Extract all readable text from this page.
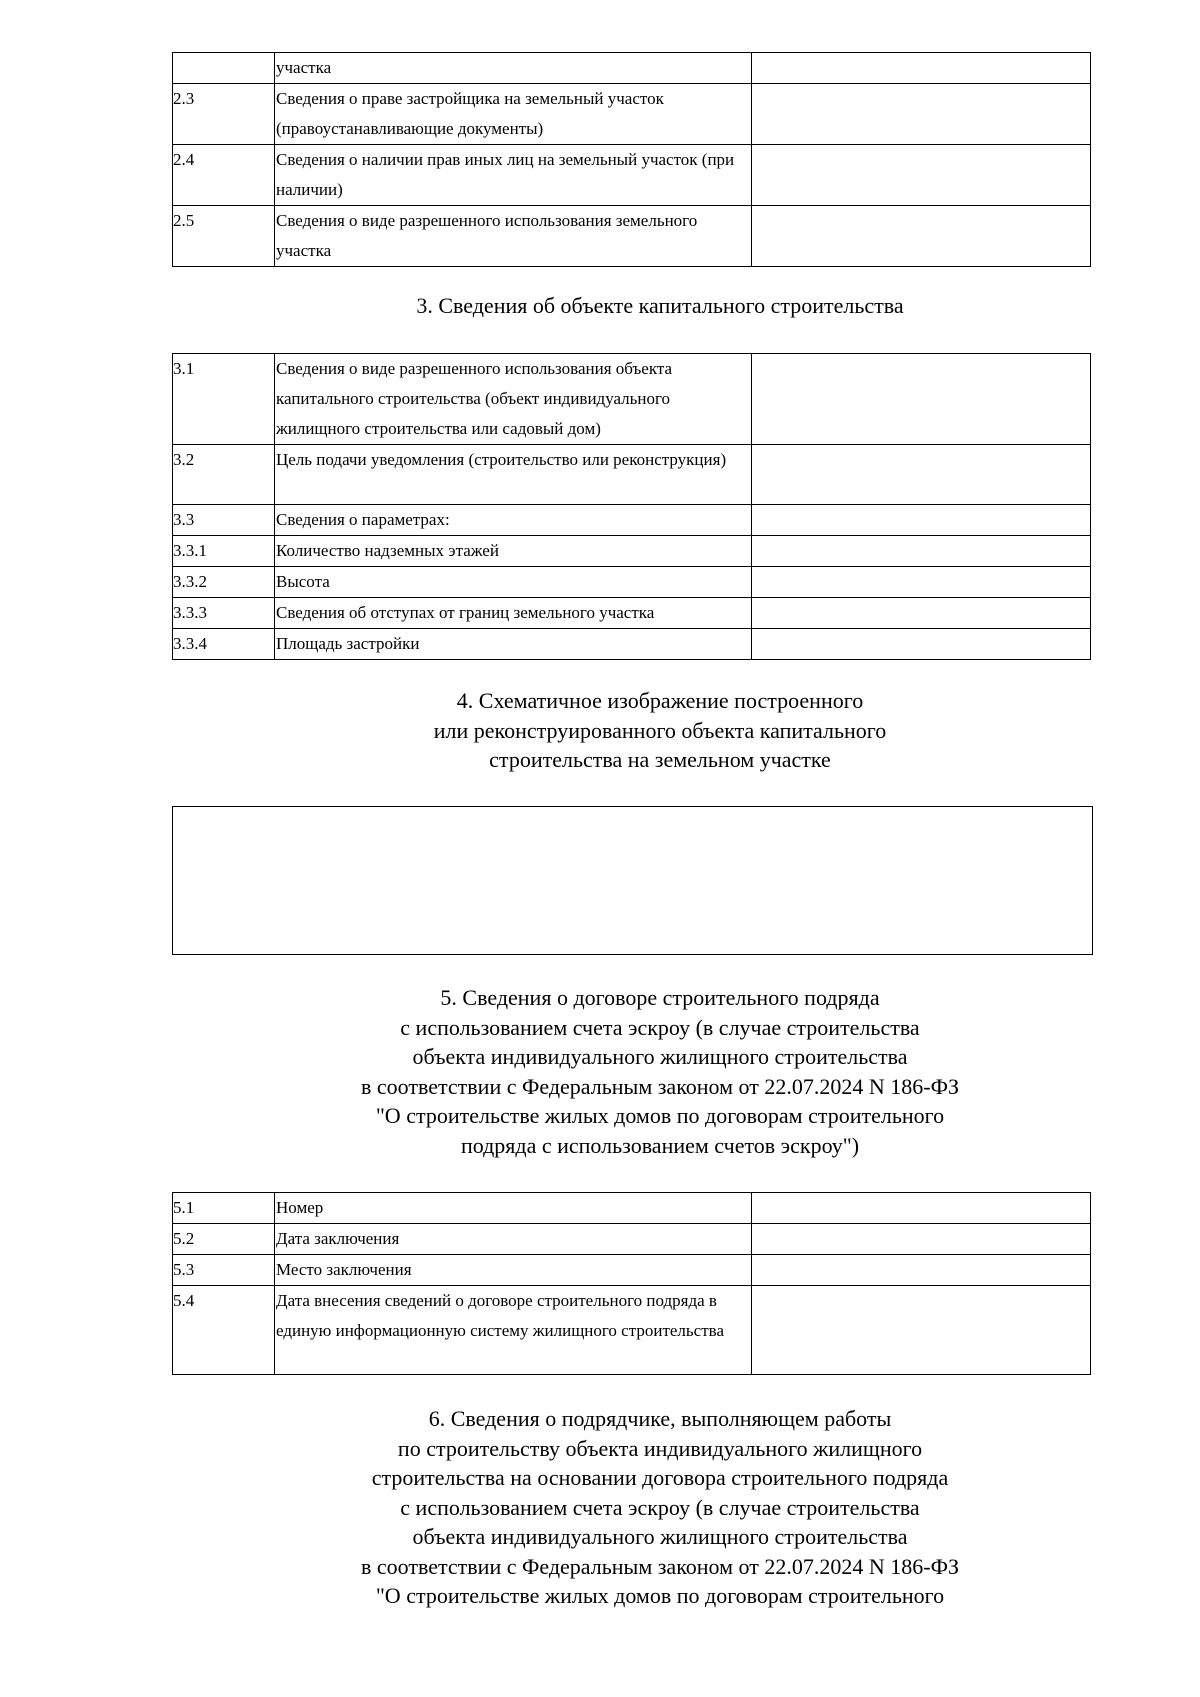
	участка	
2.3	Сведения о праве застройщика на земельный участок (правоустанавливающие документы)	
2.4	Сведения о наличии прав иных лиц на земельный участок (при наличии)	
2.5	Сведения о виде разрешенного использования земельного участка	
3. Сведения об объекте капитального строительства
3.1	Сведения о виде разрешенного использования объекта капитального строительства (объект индивидуального жилищного строительства или садовый дом)	
3.2	Цель подачи уведомления (строительство или реконструкция)	
3.3	Сведения о параметрах:	
3.3.1	Количество надземных этажей	
3.3.2	Высота	
3.3.3	Сведения об отступах от границ земельного участка	
3.3.4	Площадь застройки	
4. Схематичное изображение построенного
или реконструированного объекта капитального
строительства на земельном участке
5. Сведения о договоре строительного подряда
с использованием счета эскроу (в случае строительства
объекта индивидуального жилищного строительства
в соответствии с Федеральным законом от 22.07.2024 N 186-ФЗ
"О строительстве жилых домов по договорам строительного
подряда с использованием счетов эскроу")
5.1	Номер	
5.2	Дата заключения	
5.3	Место заключения	
5.4	Дата внесения сведений о договоре строительного подряда в единую информационную систему жилищного строительства	
6. Сведения о подрядчике, выполняющем работы
по строительству объекта индивидуального жилищного
строительства на основании договора строительного подряда
с использованием счета эскроу (в случае строительства
объекта индивидуального жилищного строительства
в соответствии с Федеральным законом от 22.07.2024 N 186-ФЗ
"О строительстве жилых домов по договорам строительного
